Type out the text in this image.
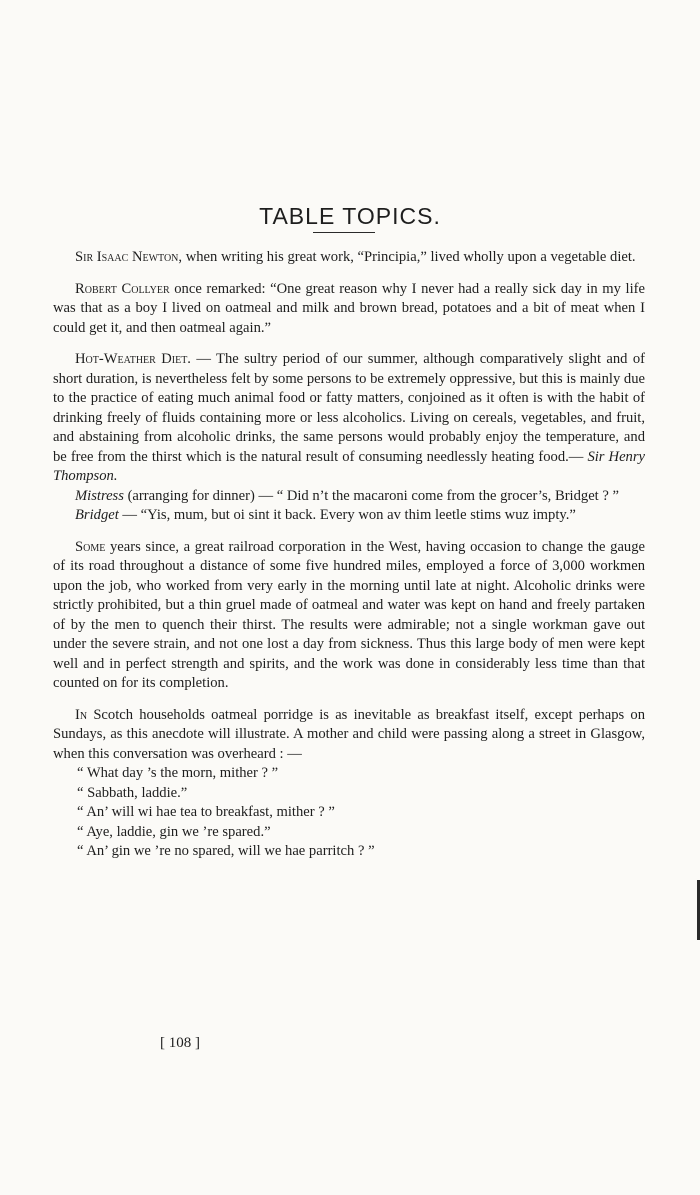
TABLE TOPICS.

Sir Isaac Newton, when writing his great work, “Principia,” lived wholly upon a vegetable diet.

Robert Collyer once remarked: “One great reason why I never had a really sick day in my life was that as a boy I lived on oatmeal and milk and brown bread, potatoes and a bit of meat when I could get it, and then oatmeal again.”

Hot-Weather Diet. — The sultry period of our summer, although comparatively slight and of short duration, is nevertheless felt by some persons to be extremely oppressive, but this is mainly due to the practice of eating much animal food or fatty matters, conjoined as it often is with the habit of drinking freely of fluids containing more or less alcoholics. Living on cereals, vegetables, and fruit, and abstaining from alcoholic drinks, the same persons would probably enjoy the temperature, and be free from the thirst which is the natural result of consuming needlessly heating food.— Sir Henry Thompson.

Mistress (arranging for dinner) — “ Did n’t the macaroni come from the grocer’s, Bridget ? ”

Bridget — “Yis, mum, but oi sint it back. Every won av thim leetle stims wuz impty.”

Some years since, a great railroad corporation in the West, having occasion to change the gauge of its road throughout a distance of some five hundred miles, employed a force of 3,000 workmen upon the job, who worked from very early in the morning until late at night. Alcoholic drinks were strictly prohibited, but a thin gruel made of oatmeal and water was kept on hand and freely partaken of by the men to quench their thirst. The results were admirable; not a single workman gave out under the severe strain, and not one lost a day from sickness. Thus this large body of men were kept well and in perfect strength and spirits, and the work was done in considerably less time than that counted on for its completion.

In Scotch households oatmeal porridge is as inevitable as breakfast itself, except perhaps on Sundays, as this anecdote will illustrate. A mother and child were passing along a street in Glasgow, when this conversation was overheard : —

“ What day ’s the morn, mither ? ”

“ Sabbath, laddie.”

“ An’ will wi hae tea to breakfast, mither ? ”

“ Aye, laddie, gin we ’re spared.”

“ An’ gin we ’re no spared, will we hae parritch ? ”

[ 108 ]
